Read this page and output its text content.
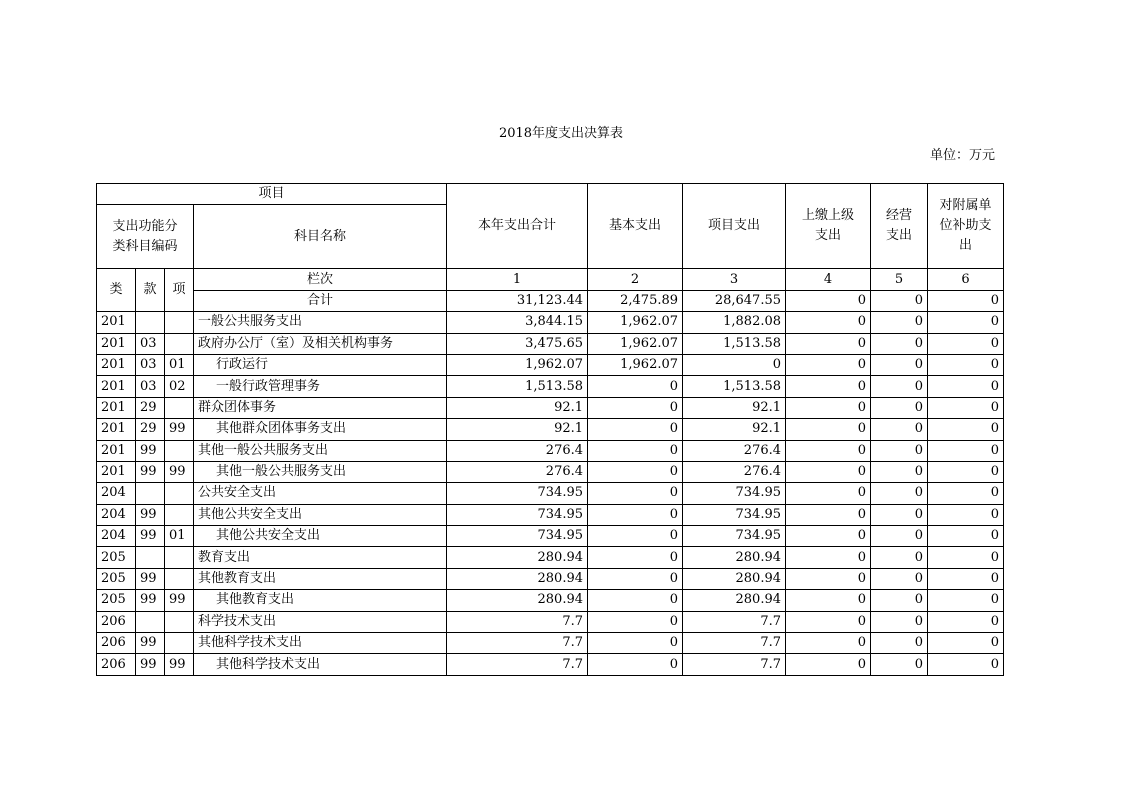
2018年度支出决算表
单位：万元
项目				本年支出合计	基本支出	项目支出	上缴上级支出	经营支出	对附属单位补助支出
支出功能分类科目编码			科目名称						
类	款	项	栏次	1	2	3	4	5	6
			合计	31,123.44	2,475.89	28,647.55	0	0	0
201			一般公共服务支出	3,844.15	1,962.07	1,882.08	0	0	0
201	03		政府办公厅（室）及相关机构事务	3,475.65	1,962.07	1,513.58	0	0	0
201	03	01	行政运行	1,962.07	1,962.07	0	0	0	0
201	03	02	一般行政管理事务	1,513.58	0	1,513.58	0	0	0
201	29		群众团体事务	92.1	0	92.1	0	0	0
201	29	99	其他群众团体事务支出	92.1	0	92.1	0	0	0
201	99		其他一般公共服务支出	276.4	0	276.4	0	0	0
201	99	99	其他一般公共服务支出	276.4	0	276.4	0	0	0
204			公共安全支出	734.95	0	734.95	0	0	0
204	99		其他公共安全支出	734.95	0	734.95	0	0	0
204	99	01	其他公共安全支出	734.95	0	734.95	0	0	0
205			教育支出	280.94	0	280.94	0	0	0
205	99		其他教育支出	280.94	0	280.94	0	0	0
205	99	99	其他教育支出	280.94	0	280.94	0	0	0
206			科学技术支出	7.7	0	7.7	0	0	0
206	99		其他科学技术支出	7.7	0	7.7	0	0	0
206	99	99	其他科学技术支出	7.7	0	7.7	0	0	0
